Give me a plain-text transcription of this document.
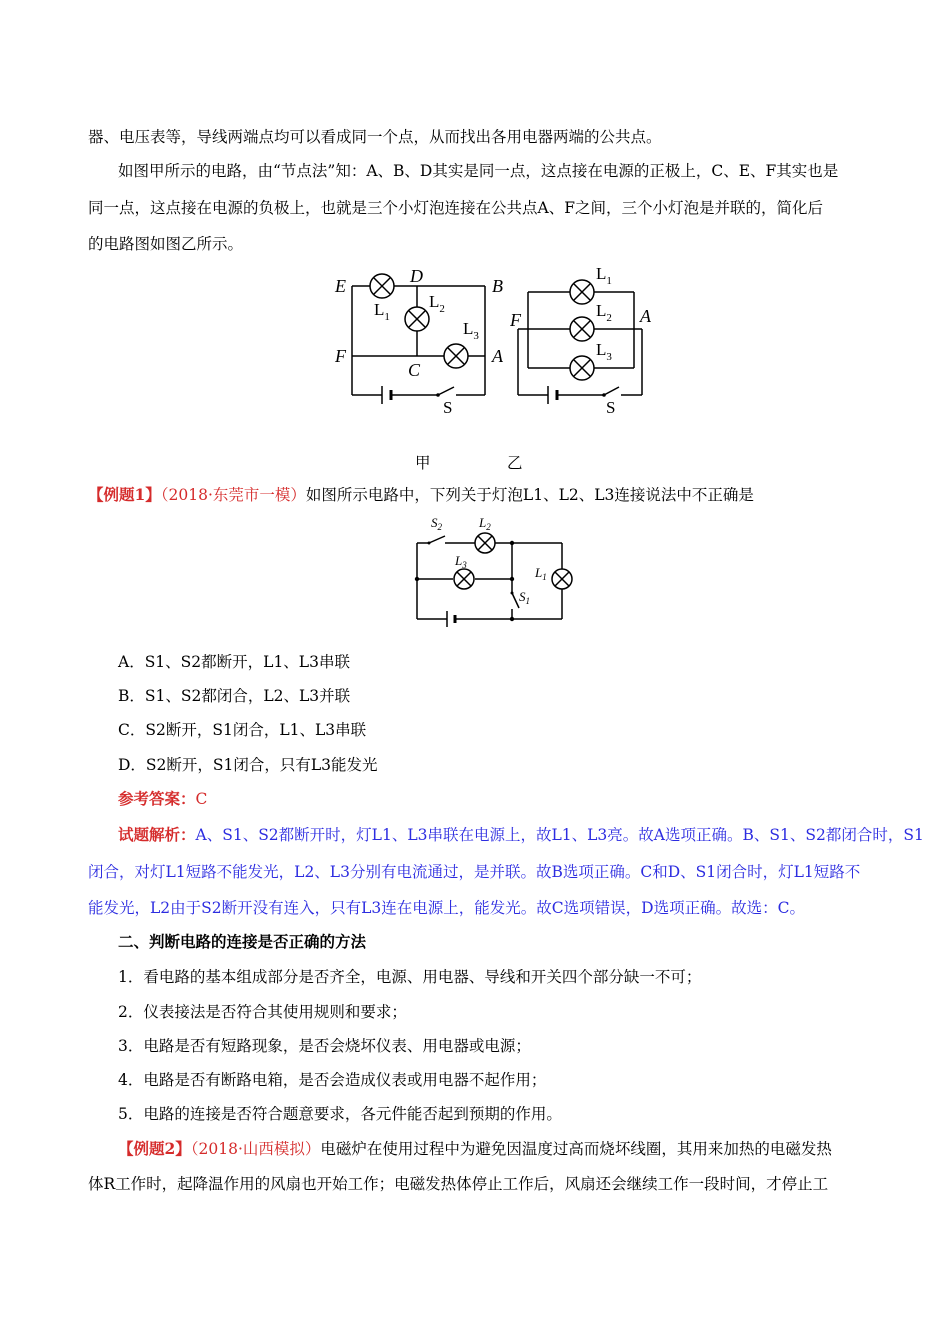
器、电压表等，导线两端点均可以看成同一个点，从而找出各用电器两端的公共点。
如图甲所示的电路，由“节点法”知：A、B、D其实是同一点，这点接在电源的正极上，C、E、F其实也是
同一点，这点接在电源的负极上，也就是三个小灯泡连接在公共点A、F之间，三个小灯泡是并联的，简化后
的电路图如图乙所示。
E	D	B
F	A
C
$L_1$
$L_2$
$L_3$
S
F	A
$L_1$
$L_2$
$L_3$
S
甲	乙
【例题1】（2018·东莞市一模）如图所示电路中，下列关于灯泡L1、L2、L3连接说法中不正确是
$S_2$	$L_2$
$L_3$	$L_1$
$S_1$
A．S1、S2都断开，L1、L3串联
B．S1、S2都闭合，L2、L3并联
C．S2断开，S1闭合，L1、L3串联
D．S2断开，S1闭合，只有L3能发光
参考答案：C
试题解析：A、S1、S2都断开时，灯L1、L3串联在电源上，故L1、L3亮。故A选项正确。B、S1、S2都闭合时，S1
闭合，对灯L1短路不能发光，L2、L3分别有电流通过，是并联。故B选项正确。C和D、S1闭合时，灯L1短路不
能发光，L2由于S2断开没有连入，只有L3连在电源上，能发光。故C选项错误，D选项正确。故选：C。
二、判断电路的连接是否正确的方法
1．看电路的基本组成部分是否齐全，电源、用电器、导线和开关四个部分缺一不可；
2．仪表接法是否符合其使用规则和要求；
3．电路是否有短路现象，是否会烧坏仪表、用电器或电源；
4．电路是否有断路电箱，是否会造成仪表或用电器不起作用；
5．电路的连接是否符合题意要求，各元件能否起到预期的作用。
【例题2】（2018·山西模拟）电磁炉在使用过程中为避免因温度过高而烧坏线圈，其用来加热的电磁发热
体R工作时，起降温作用的风扇也开始工作；电磁发热体停止工作后，风扇还会继续工作一段时间，才停止工
